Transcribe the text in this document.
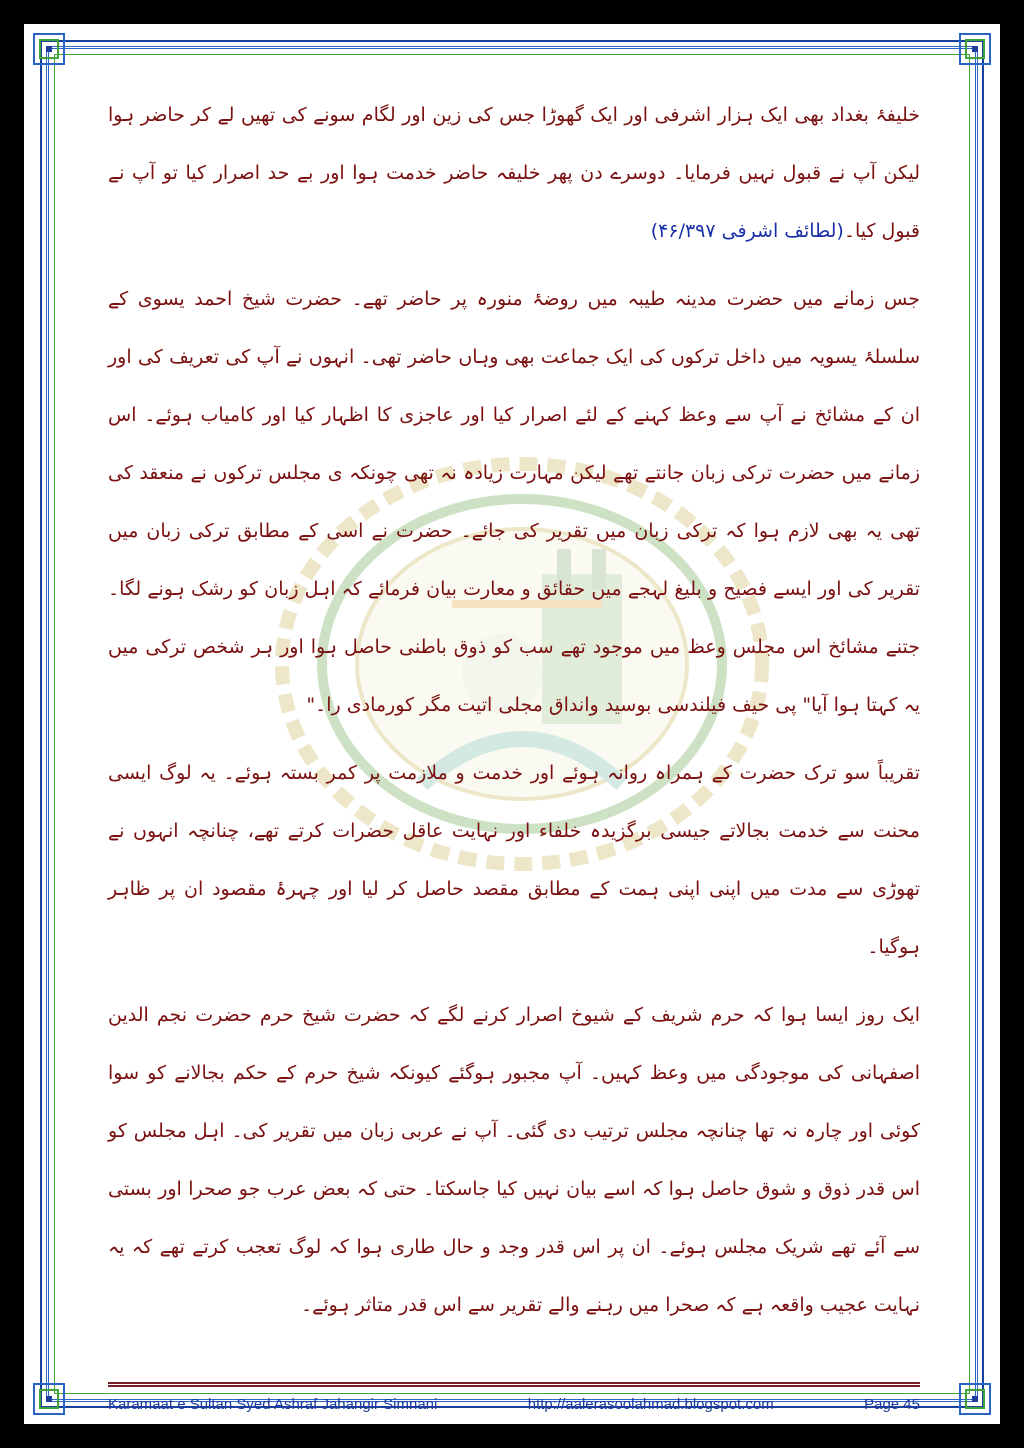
خلیفۂ بغداد بھی ایک ہزار اشرفی اور ایک گھوڑا جس کی زین اور لگام سونے کی تھیں لے کر حاضر ہوا لیکن آپ نے قبول نہیں فرمایا۔ دوسرے دن پھر خلیفہ حاضر خدمت ہوا اور بے حد اصرار کیا تو آپ نے قبول کیا۔(لطائف اشرفی ۴۶/۳۹۷)

جس زمانے میں حضرت مدینہ طیبہ میں روضۂ منورہ پر حاضر تھے۔ حضرت شیخ احمد یسوی کے سلسلۂ یسویہ میں داخل ترکوں کی ایک جماعت بھی وہاں حاضر تھی۔ انہوں نے آپ کی تعریف کی اور ان کے مشائخ نے آپ سے وعظ کہنے کے لئے اصرار کیا اور عاجزی کا اظہار کیا اور کامیاب ہوئے۔ اس زمانے میں حضرت ترکی زبان جانتے تھے لیکن مہارت زیادہ نہ تھی چونکہ ی مجلس ترکوں نے منعقد کی تھی یہ بھی لازم ہوا کہ ترکی زبان میں تقریر کی جائے۔ حضرت نے اسی کے مطابق ترکی زبان میں تقریر کی اور ایسے فصیح و بلیغ لہجے میں حقائق و معارت بیان فرمائے کہ اہل زبان کو رشک ہونے لگا۔ جتنے مشائخ اس مجلس وعظ میں موجود تھے سب کو ذوق باطنی حاصل ہوا اور ہر شخص ترکی میں یہ کہتا ہوا آیا" پی حیف فیلندسی بوسید وانداق مجلی اتیت مگر کورمادی را۔"

تقریباً سو ترک حضرت کے ہمراہ روانہ ہوئے اور خدمت و ملازمت پر کمر بستہ ہوئے۔ یہ لوگ ایسی محنت سے خدمت بجالاتے جیسی برگزیدہ خلفاء اور نہایت عاقل حضرات کرتے تھے، چنانچہ انہوں نے تھوڑی سے مدت میں اپنی اپنی ہمت کے مطابق مقصد حاصل کر لیا اور چہرۂ مقصود ان پر ظاہر ہوگیا۔

ایک روز ایسا ہوا کہ حرم شریف کے شیوخ اصرار کرنے لگے کہ حضرت شیخ حرم حضرت نجم الدین اصفہانی کی موجودگی میں وعظ کہیں۔ آپ مجبور ہوگئے کیونکہ شیخ حرم کے حکم بجالانے کو سوا کوئی اور چارہ نہ تھا چنانچہ مجلس ترتیب دی گئی۔ آپ نے عربی زبان میں تقریر کی۔ اہل مجلس کو اس قدر ذوق و شوق حاصل ہوا کہ اسے بیان نہیں کیا جاسکتا۔ حتی کہ بعض عرب جو صحرا اور بستی سے آئے تھے شریک مجلس ہوئے۔ ان پر اس قدر وجد و حال طاری ہوا کہ لوگ تعجب کرتے تھے کہ یہ نہایت عجیب واقعہ ہے کہ صحرا میں رہنے والے تقریر سے اس قدر متاثر ہوئے۔

Karamaat e Sultan Syed Ashraf Jahangir Simnani	http://aalerasoolahmad.blogspot.com	Page 45
